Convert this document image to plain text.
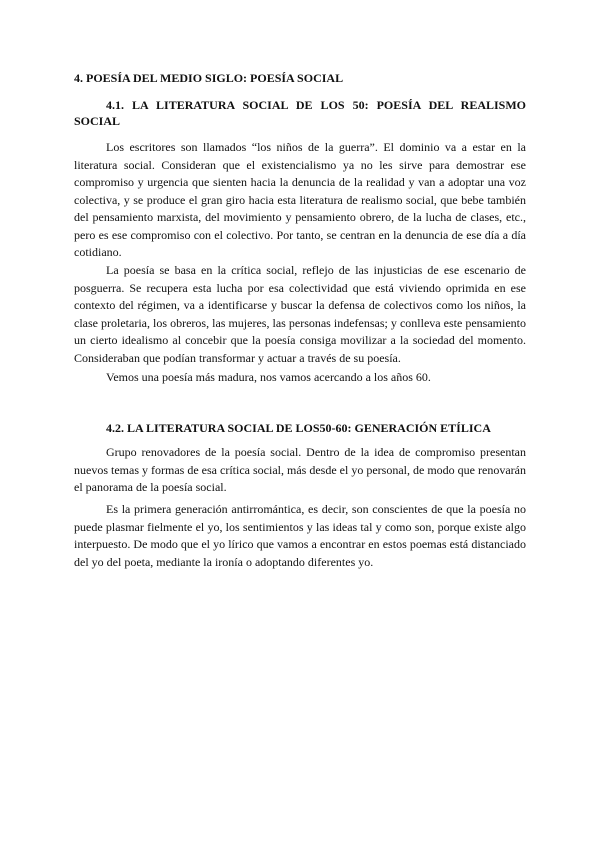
4. POESÍA DEL MEDIO SIGLO: POESÍA SOCIAL
4.1. LA LITERATURA SOCIAL DE LOS 50: POESÍA DEL REALISMO SOCIAL

Los escritores son llamados “los niños de la guerra”. El dominio va a estar en la literatura social. Consideran que el existencialismo ya no les sirve para demostrar ese compromiso y urgencia que sienten hacia la denuncia de la realidad y van a adoptar una voz colectiva, y se produce el gran giro hacia esta literatura de realismo social, que bebe también del pensamiento marxista, del movimiento y pensamiento obrero, de la lucha de clases, etc., pero es ese compromiso con el colectivo. Por tanto, se centran en la denuncia de ese día a día cotidiano.

La poesía se basa en la crítica social, reflejo de las injusticias de ese escenario de posguerra. Se recupera esta lucha por esa colectividad que está viviendo oprimida en ese contexto del régimen, va a identificarse y buscar la defensa de colectivos como los niños, la clase proletaria, los obreros, las mujeres, las personas indefensas; y conlleva este pensamiento un cierto idealismo al concebir que la poesía consiga movilizar a la sociedad del momento. Consideraban que podían transformar y actuar a través de su poesía.

Vemos una poesía más madura, nos vamos acercando a los años 60.

4.2. LA LITERATURA SOCIAL DE LOS50-60: GENERACIÓN ETÍLICA

Grupo renovadores de la poesía social. Dentro de la idea de compromiso presentan nuevos temas y formas de esa crítica social, más desde el yo personal, de modo que renovarán el panorama de la poesía social.

Es la primera generación antirromántica, es decir, son conscientes de que la poesía no puede plasmar fielmente el yo, los sentimientos y las ideas tal y como son, porque existe algo interpuesto. De modo que el yo lírico que vamos a encontrar en estos poemas está distanciado del yo del poeta, mediante la ironía o adoptando diferentes yo.
